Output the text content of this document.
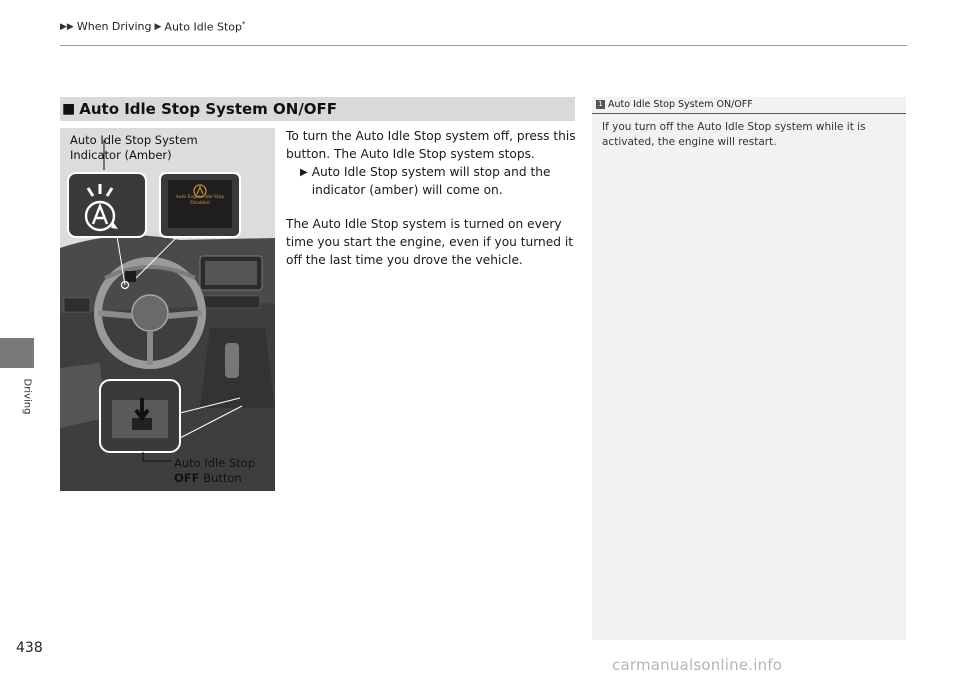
▶▶ When Driving ▶ Auto Idle Stop*
Driving
■ Auto Idle Stop System ON/OFF
Auto Idle Stop System
Indicator (Amber)
Auto Engine Idle Stop
Disabled
Auto Idle Stop
OFF Button

To turn the Auto Idle Stop system off, press this button. The Auto Idle Stop system stops.

▶ Auto Idle Stop system will stop and the indicator (amber) will come on.

The Auto Idle Stop system is turned on every time you start the engine, even if you turned it off the last time you drove the vehicle.

1 Auto Idle Stop System ON/OFF
If you turn off the Auto Idle Stop system while it is activated, the engine will restart.
438
carmanualsonline.info
